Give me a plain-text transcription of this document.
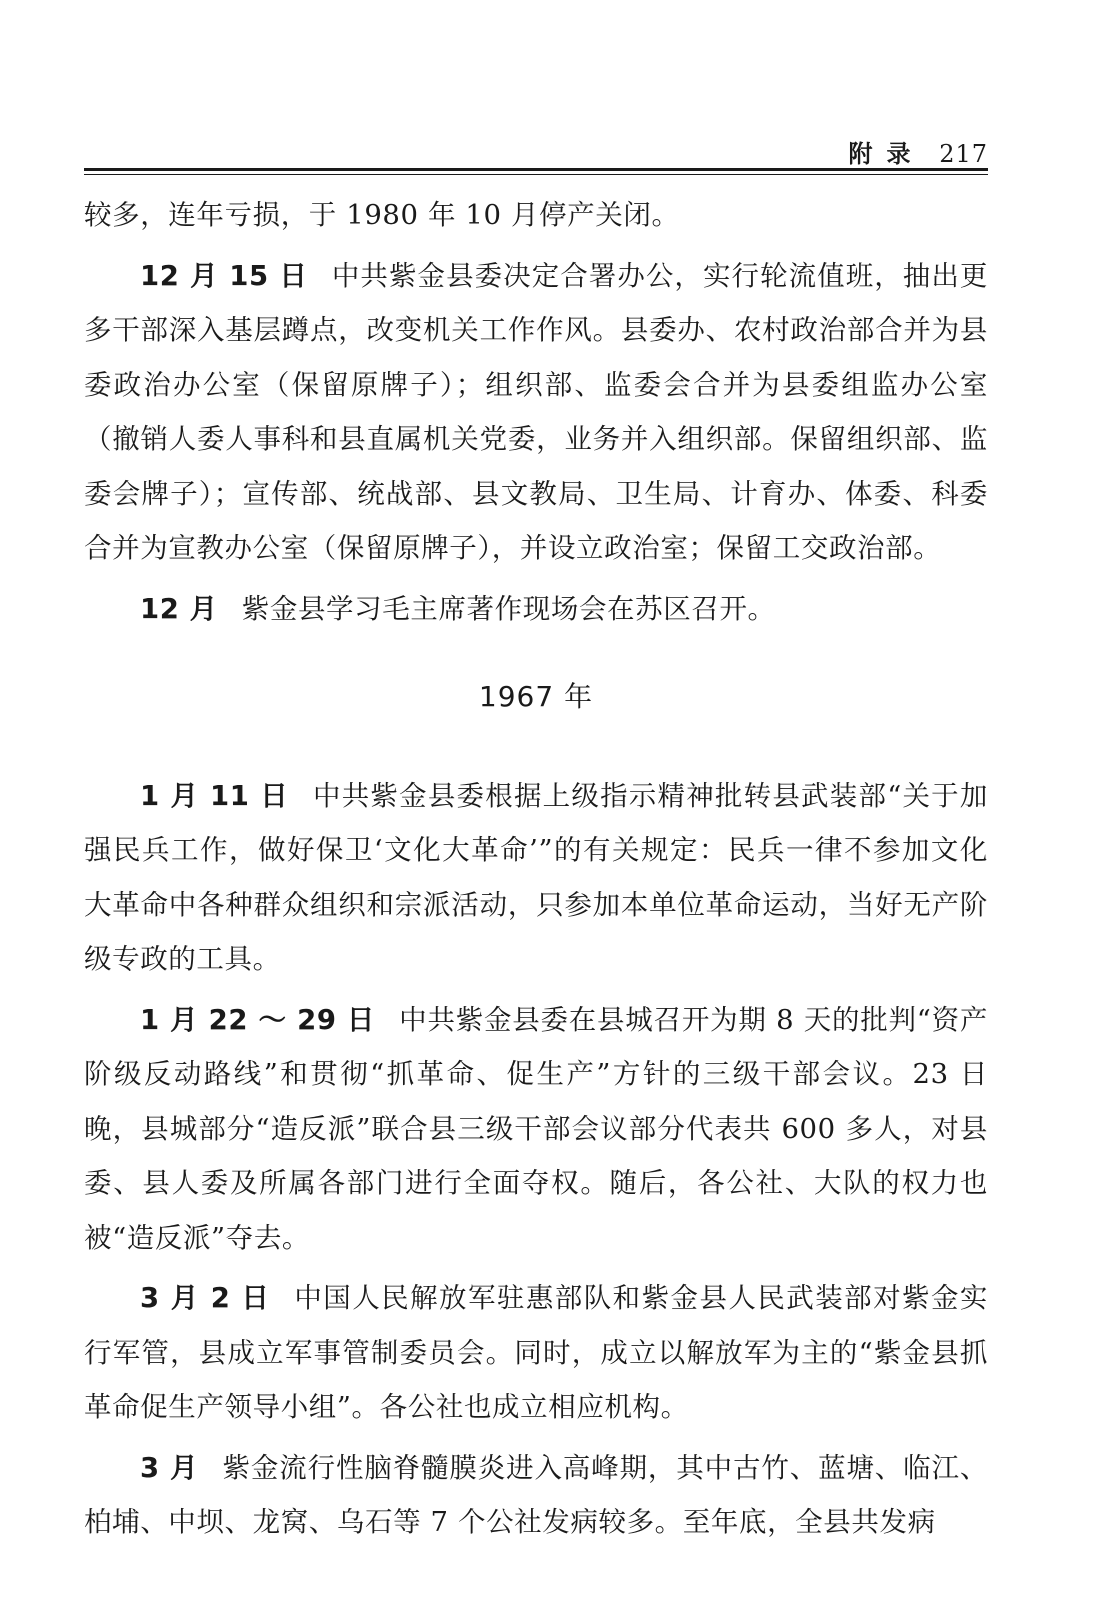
附录 217

较多，连年亏损，于 1980 年 10 月停产关闭。

12 月 15 日 中共紫金县委决定合署办公，实行轮流值班，抽出更多干部深入基层蹲点，改变机关工作作风。县委办、农村政治部合并为县委政治办公室（保留原牌子）；组织部、监委会合并为县委组监办公室（撤销人委人事科和县直属机关党委，业务并入组织部。保留组织部、监委会牌子）；宣传部、统战部、县文教局、卫生局、计育办、体委、科委合并为宣教办公室（保留原牌子），并设立政治室；保留工交政治部。

12 月 紫金县学习毛主席著作现场会在苏区召开。

1967 年

1 月 11 日 中共紫金县委根据上级指示精神批转县武装部“关于加强民兵工作，做好保卫‘文化大革命’”的有关规定：民兵一律不参加文化大革命中各种群众组织和宗派活动，只参加本单位革命运动，当好无产阶级专政的工具。

1 月 22 ～ 29 日 中共紫金县委在县城召开为期 8 天的批判“资产阶级反动路线”和贯彻“抓革命、促生产”方针的三级干部会议。23 日晚，县城部分“造反派”联合县三级干部会议部分代表共 600 多人，对县委、县人委及所属各部门进行全面夺权。随后，各公社、大队的权力也被“造反派”夺去。

3 月 2 日 中国人民解放军驻惠部队和紫金县人民武装部对紫金实行军管，县成立军事管制委员会。同时，成立以解放军为主的“紫金县抓革命促生产领导小组”。各公社也成立相应机构。

3 月 紫金流行性脑脊髓膜炎进入高峰期，其中古竹、蓝塘、临江、柏埔、中坝、龙窝、乌石等 7 个公社发病较多。至年底，全县共发病
